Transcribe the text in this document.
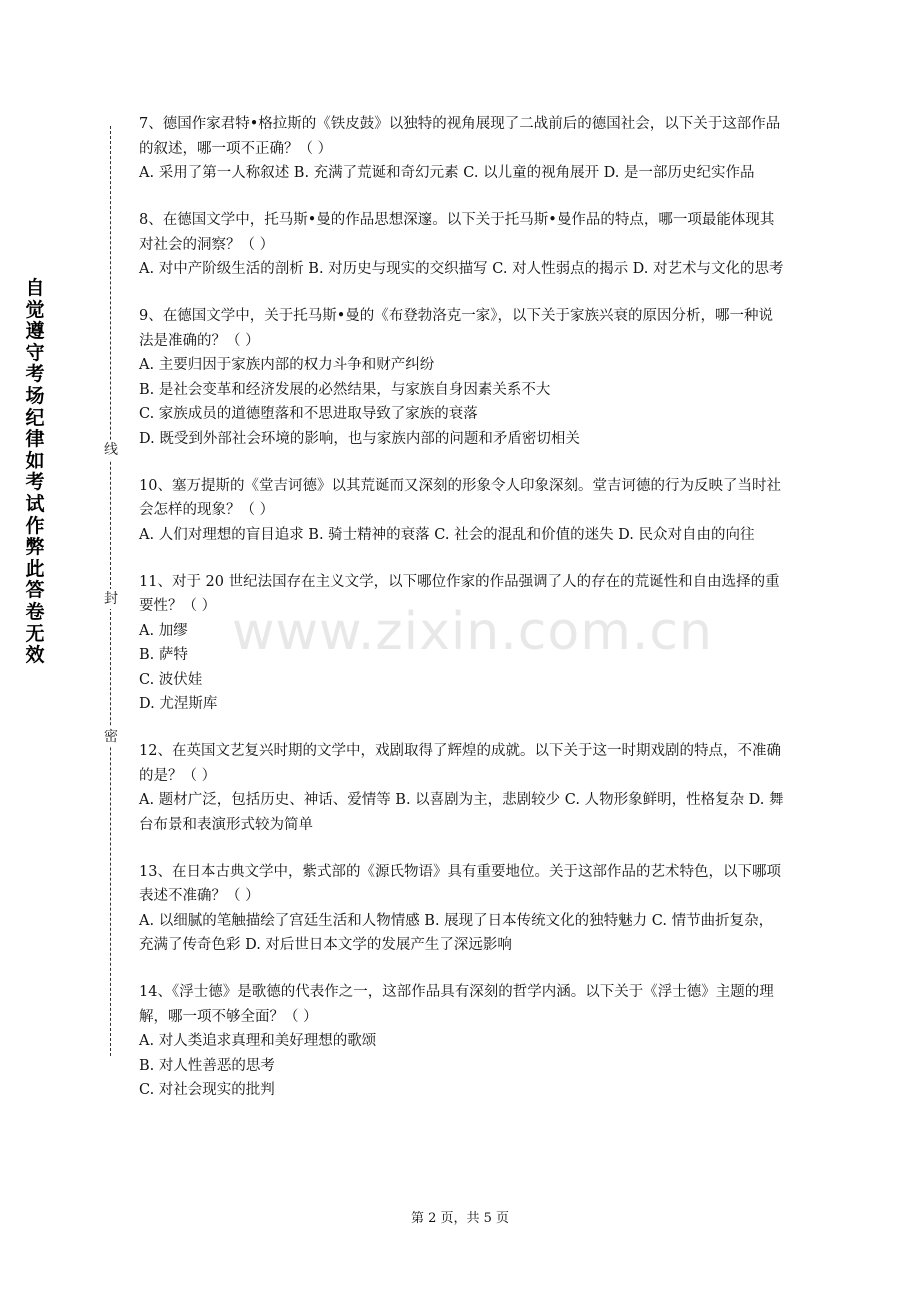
自
觉
遵
守
考
场
纪
律
如
考
试
作
弊
此
答
卷
无
效
线
封
密
www.zixin.com.cn

7、德国作家君特•格拉斯的《铁皮鼓》以独特的视角展现了二战前后的德国社会，以下关于这部作品的叙述，哪一项不正确？（ ）

A. 采用了第一人称叙述 B. 充满了荒诞和奇幻元素 C. 以儿童的视角展开 D. 是一部历史纪实作品

8、在德国文学中，托马斯•曼的作品思想深邃。以下关于托马斯•曼作品的特点，哪一项最能体现其对社会的洞察？（ ）

A. 对中产阶级生活的剖析 B. 对历史与现实的交织描写 C. 对人性弱点的揭示 D. 对艺术与文化的思考

9、在德国文学中，关于托马斯•曼的《布登勃洛克一家》，以下关于家族兴衰的原因分析，哪一种说法是准确的？（ ）

A. 主要归因于家族内部的权力斗争和财产纠纷

B. 是社会变革和经济发展的必然结果，与家族自身因素关系不大

C. 家族成员的道德堕落和不思进取导致了家族的衰落

D. 既受到外部社会环境的影响，也与家族内部的问题和矛盾密切相关

10、塞万提斯的《堂吉诃德》以其荒诞而又深刻的形象令人印象深刻。堂吉诃德的行为反映了当时社会怎样的现象？（ ）

A. 人们对理想的盲目追求 B. 骑士精神的衰落 C. 社会的混乱和价值的迷失 D. 民众对自由的向往

11、对于 20 世纪法国存在主义文学，以下哪位作家的作品强调了人的存在的荒诞性和自由选择的重要性？（ ）

A. 加缪

B. 萨特

C. 波伏娃

D. 尤涅斯库

12、在英国文艺复兴时期的文学中，戏剧取得了辉煌的成就。以下关于这一时期戏剧的特点，不准确的是？（ ）

A. 题材广泛，包括历史、神话、爱情等 B. 以喜剧为主，悲剧较少 C. 人物形象鲜明，性格复杂 D. 舞台布景和表演形式较为简单

13、在日本古典文学中，紫式部的《源氏物语》具有重要地位。关于这部作品的艺术特色，以下哪项表述不准确？（ ）

A. 以细腻的笔触描绘了宫廷生活和人物情感 B. 展现了日本传统文化的独特魅力 C. 情节曲折复杂，充满了传奇色彩 D. 对后世日本文学的发展产生了深远影响

14、《浮士德》是歌德的代表作之一，这部作品具有深刻的哲学内涵。以下关于《浮士德》主题的理解，哪一项不够全面？（ ）

A. 对人类追求真理和美好理想的歌颂

B. 对人性善恶的思考

C. 对社会现实的批判

第 2 页，共 5 页
